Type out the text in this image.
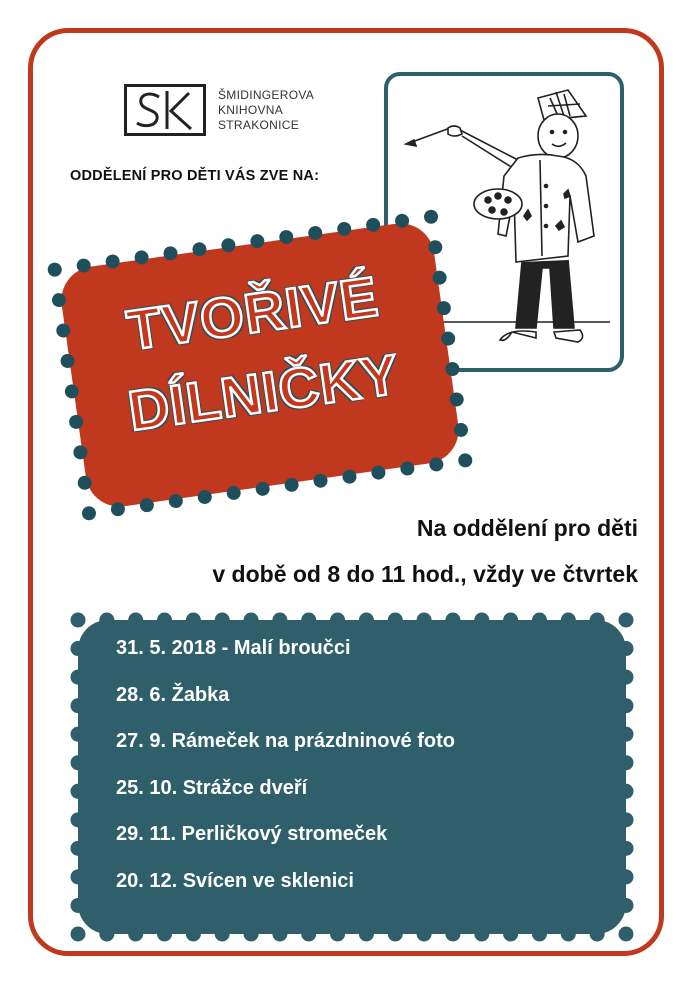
ŠMIDINGEROVA
KNIHOVNA
STRAKONICE
ODDĚLENÍ PRO DĚTI VÁS ZVE NA:
TVOŘIVÉ
DÍLNIČKY
Na oddělení pro děti
v době od 8 do 11 hod., vždy ve čtvrtek
31. 5. 2018 - Malí broučci
28. 6. Žabka
27. 9. Rámeček na prázdninové foto
25. 10. Strážce dveří
29. 11. Perličkový stromeček
20. 12. Svícen ve sklenici
